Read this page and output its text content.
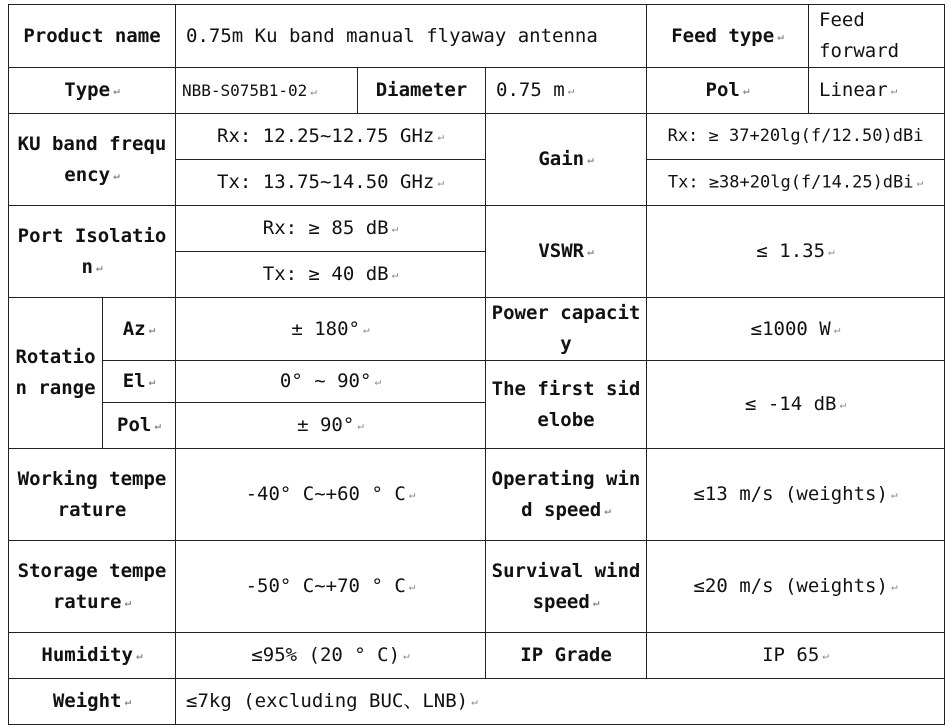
Product name		0.75m Ku band manual flyaway antenna			Feed type ↵	Feed forward
Type ↵		NBB-S075B1-02 ↵	Diameter	0.75 m ↵	Pol ↵	Linear ↵
KU band frequency ↵		Rx: 12.25~12.75 GHz ↵		Gain ↵	Rx: ≥ 37+20lg(f/12.50)dBi	
		Tx: 13.75~14.50 GHz ↵			Tx: ≥38+20lg(f/14.25)dBi ↵	
Port Isolation ↵		Rx: ≥ 85 dB ↵		VSWR ↵	≤ 1.35 ↵	
		Tx: ≥ 40 dB ↵				
Rotation range	Az ↵	± 180° ↵		Power capacity	≤1000 W ↵	
	El ↵	0° ~ 90° ↵		The first sidelobe	≤ -14 dB ↵	
	Pol ↵	± 90° ↵				
Working temperature		-40° C~+60 ° C ↵		Operating wind speed ↵	≤13 m/s (weights) ↵	
Storage temperature ↵		-50° C~+70 ° C ↵		Survival wind speed ↵	≤20 m/s (weights) ↵	
Humidity ↵		≤95% (20 ° C) ↵		IP Grade	IP 65 ↵	
Weight ↵		≤7kg (excluding BUC、LNB) ↵				
